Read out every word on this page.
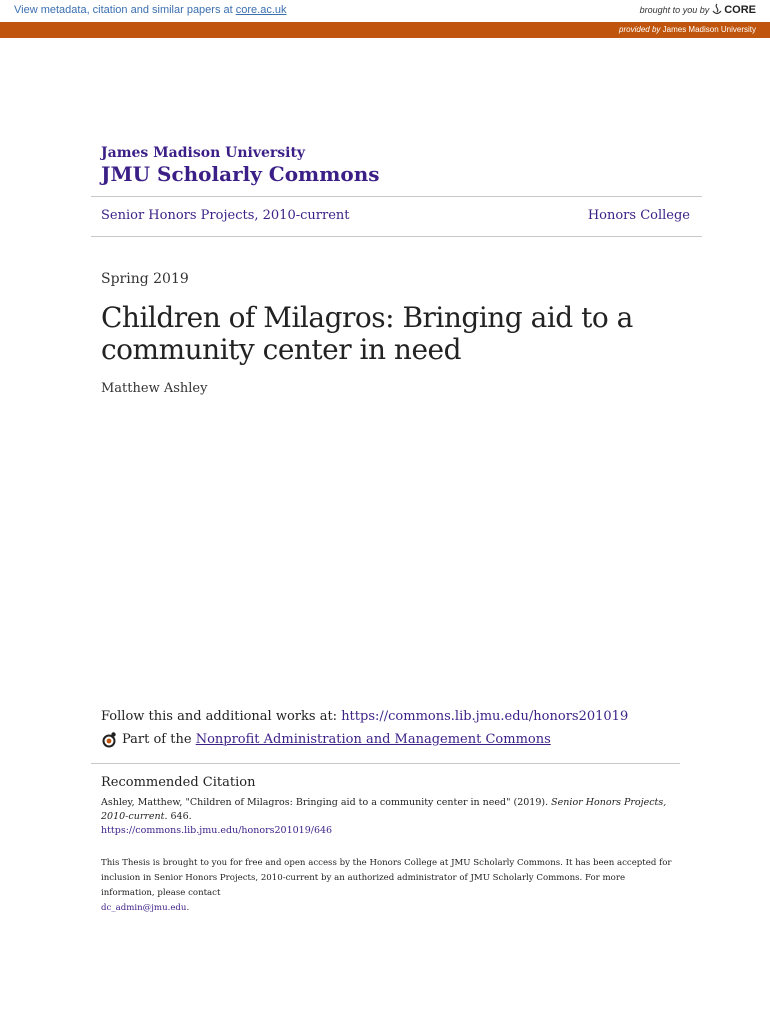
View metadata, citation and similar papers at core.ac.uk	brought to you by CORE
provided by James Madison University
James Madison University
JMU Scholarly Commons
Senior Honors Projects, 2010-current	Honors College
Spring 2019
Children of Milagros: Bringing aid to a community center in need
Matthew Ashley
Follow this and additional works at: https://commons.lib.jmu.edu/honors201019
Part of the Nonprofit Administration and Management Commons
Recommended Citation
Ashley, Matthew, "Children of Milagros: Bringing aid to a community center in need" (2019). Senior Honors Projects, 2010-current. 646.
https://commons.lib.jmu.edu/honors201019/646
This Thesis is brought to you for free and open access by the Honors College at JMU Scholarly Commons. It has been accepted for inclusion in Senior Honors Projects, 2010-current by an authorized administrator of JMU Scholarly Commons. For more information, please contact
dc_admin@jmu.edu.
